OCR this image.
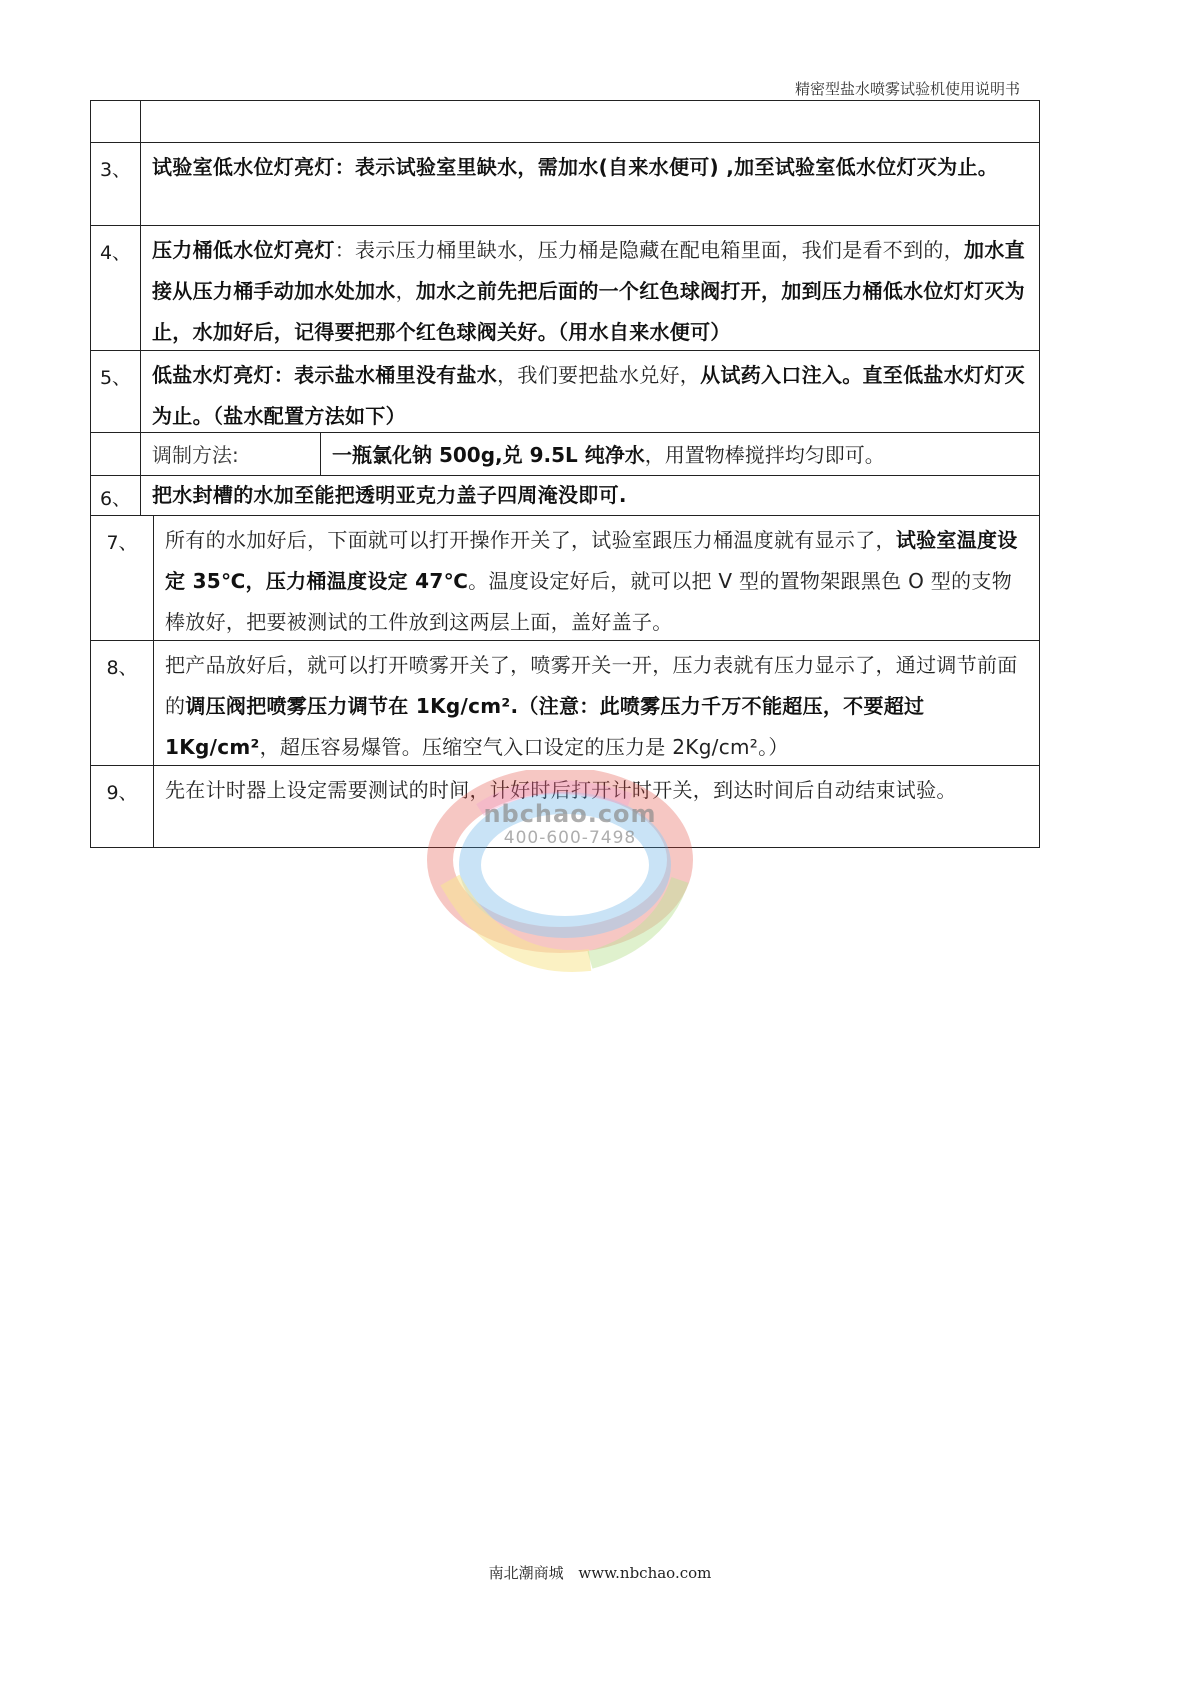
精密型盐水喷雾试验机使用说明书
3、	试验室低水位灯亮灯：表示试验室里缺水，需加水(自来水便可) ,加至试验室低水位灯灭为止。
4、	压力桶低水位灯亮灯：表示压力桶里缺水，压力桶是隐藏在配电箱里面，我们是看不到的，加水直接从压力桶手动加水处加水，加水之前先把后面的一个红色球阀打开，加到压力桶低水位灯灯灭为止，水加好后，记得要把那个红色球阀关好。（用水自来水便可）
5、	低盐水灯亮灯：表示盐水桶里没有盐水，我们要把盐水兑好，从试药入口注入。直至低盐水灯灯灭为止。（盐水配置方法如下）
调制方法:	一瓶氯化钠 500g,兑 9.5L 纯净水，用置物棒搅拌均匀即可。
6、	把水封槽的水加至能把透明亚克力盖子四周淹没即可.
7、	所有的水加好后，下面就可以打开操作开关了，试验室跟压力桶温度就有显示了，试验室温度设定 35℃，压力桶温度设定 47℃。温度设定好后，就可以把 V 型的置物架跟黑色 O 型的支物棒放好，把要被测试的工件放到这两层上面，盖好盖子。
8、	把产品放好后，就可以打开喷雾开关了，喷雾开关一开，压力表就有压力显示了，通过调节前面的调压阀把喷雾压力调节在 1Kg/cm².（注意：此喷雾压力千万不能超压，不要超过 1Kg/cm²，超压容易爆管。压缩空气入口设定的压力是 2Kg/cm²。）
9、	先在计时器上设定需要测试的时间，计好时后打开计时开关，到达时间后自动结束试验。
nbchao.com
400-600-7498
南北潮商城 www.nbchao.com
